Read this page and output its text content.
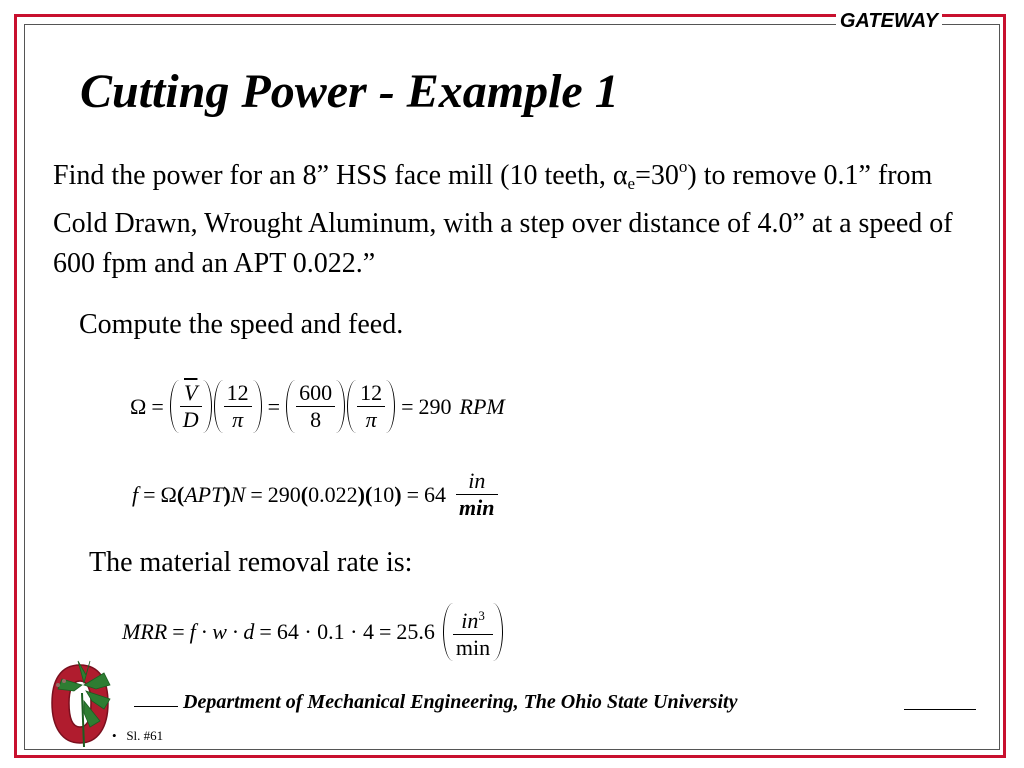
GATEWAY
Cutting Power - Example 1
Find the power for an 8” HSS face mill (10 teeth, $\alpha_e=30^o$) to remove 0.1” from Cold Drawn, Wrought Aluminum, with a step over distance of 4.0” at a speed of 600 fpm and an APT 0.022.”
Compute the speed and feed.
$\Omega = \frac{\overline{V}}{D} \frac{12}{\pi} = \frac{600}{8} \frac{12}{\pi} = 290$ RPM
f = Ω ( APT ) N = 290 ( 0.022 )( 10 ) = $64 \frac{in}{\min}$
The material removal rate is:
MRR = $f \cdot w \cdot d = 64 \cdot 0.1 \cdot 4 = 25.6 \frac{in^3}{\min}$
Department of Mechanical Engineering, The Ohio State University
• Sl. #61
